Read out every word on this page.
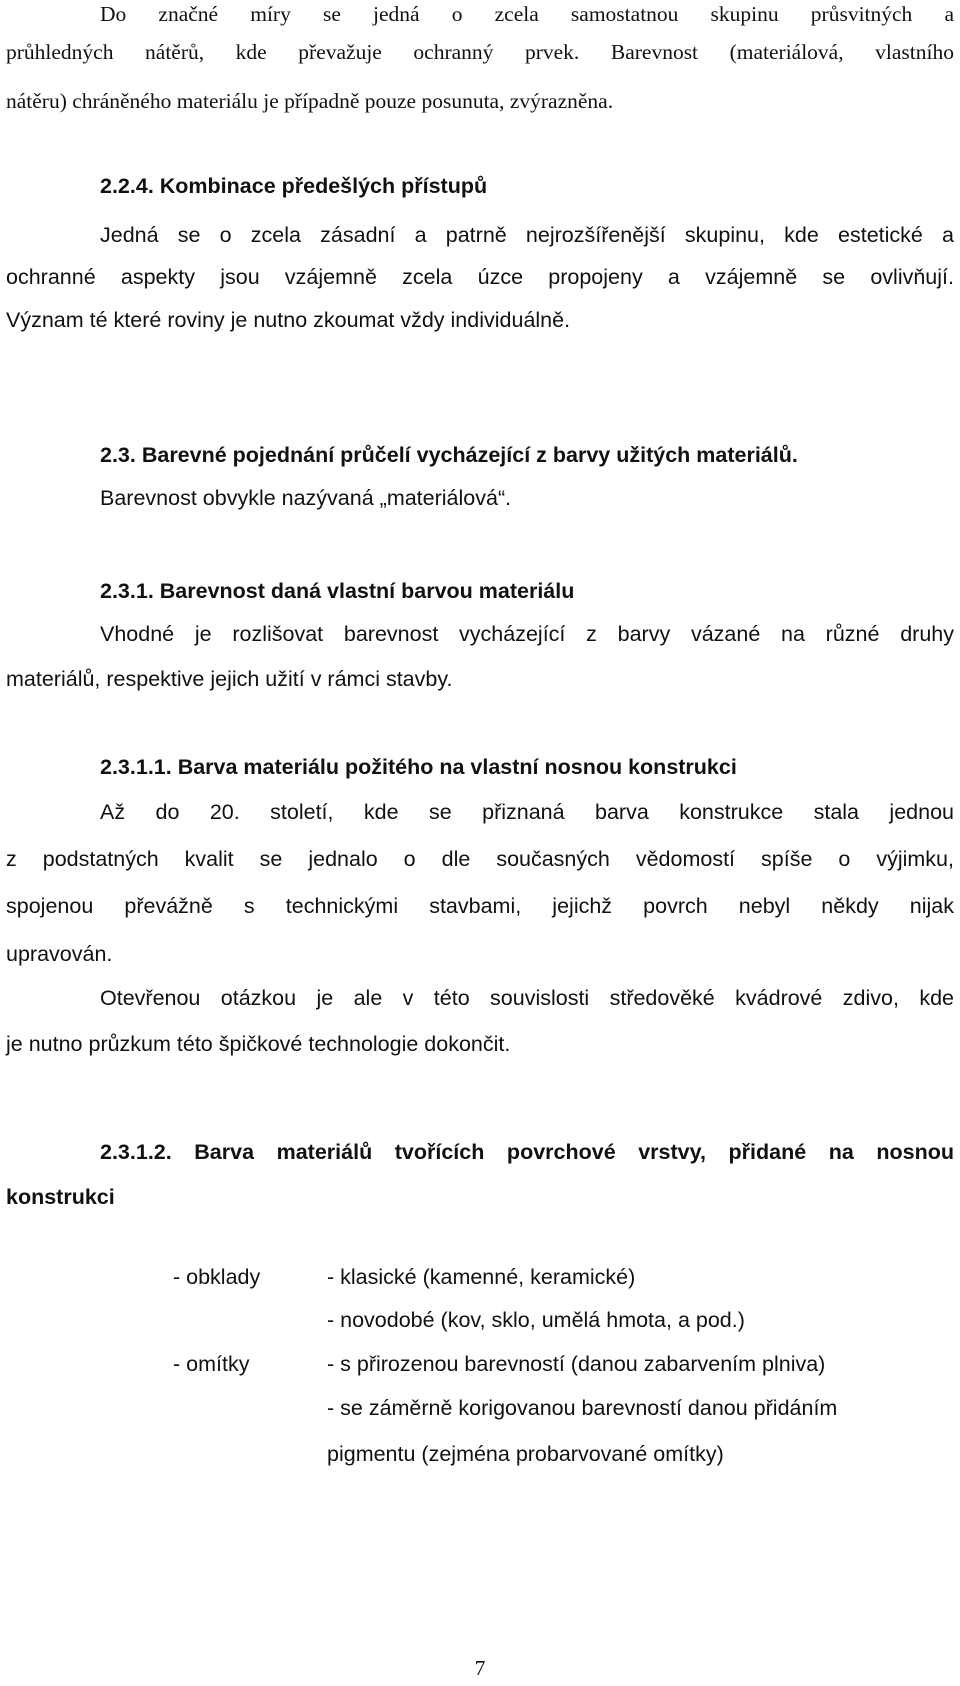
Do značné míry se jedná o zcela samostatnou skupinu průsvitných a
průhledných nátěrů, kde převažuje ochranný prvek. Barevnost (materiálová, vlastního
nátěru) chráněného materiálu je případně pouze posunuta, zvýrazněna.
2.2.4. Kombinace předešlých přístupů
Jedná se o zcela zásadní a patrně nejrozšířenější skupinu, kde estetické a
ochranné aspekty jsou vzájemně zcela úzce propojeny a vzájemně se ovlivňují.
Význam té které roviny je nutno zkoumat vždy individuálně.
2.3. Barevné pojednání průčelí vycházející z barvy užitých materiálů.
Barevnost obvykle nazývaná „materiálová“.
2.3.1. Barevnost daná vlastní barvou materiálu
Vhodné je rozlišovat barevnost vycházející z barvy vázané na různé druhy
materiálů, respektive jejich užití v rámci stavby.
2.3.1.1. Barva materiálu požitého na vlastní nosnou konstrukci
Až do 20. století, kde se přiznaná barva konstrukce stala jednou
z podstatných kvalit se jednalo o dle současných vědomostí spíše o výjimku,
spojenou převážně s technickými stavbami, jejichž povrch nebyl někdy nijak
upravován.
Otevřenou otázkou je ale v této souvislosti středověké kvádrové zdivo, kde
je nutno průzkum této špičkové technologie dokončit.
2.3.1.2. Barva materiálů tvořících povrchové vrstvy, přidané na nosnou
konstrukci
- obklady	- klasické (kamenné, keramické)
- novodobé (kov, sklo, umělá hmota, a pod.)
- omítky	- s přirozenou barevností (danou zabarvením plniva)
- se záměrně korigovanou barevností danou přidáním
pigmentu (zejména probarvované omítky)
7
